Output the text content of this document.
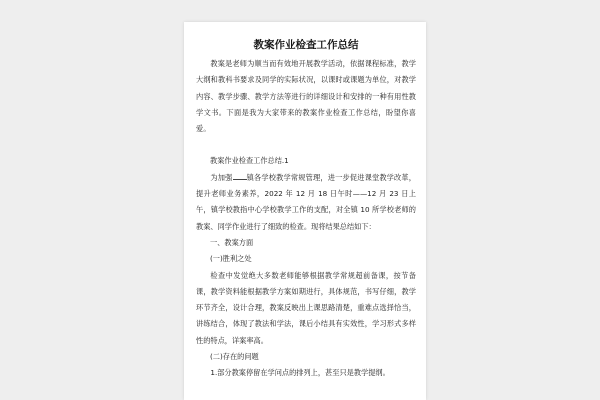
教案作业检查工作总结

教案是老师为顺当而有效地开展教学活动，依据课程标准，教学大纲和教科书要求及同学的实际状况，以课时或课题为单位，对教学内容、教学步骤、教学方法等进行的详细设计和安排的一种有用性教学文书。下面是我为大家带来的教案作业检查工作总结，盼望你喜爱。

教案作业检查工作总结.1

为加强 镇各学校教学常规管理，进一步促进课堂教学改革，提升老师业务素养，2022 年 12 月 18 日午时——12 月 23 日上午，镇学校教指中心学校教学工作的支配，对全镇 10 所学校老师的教案、同学作业进行了细致的检查。现将结果总结如下：

一、教案方面

(一)胜利之处

检查中发觉绝大多数老师能够根据教学常规超前备课，按节备课，教学资料能根据教学方案如期进行，具体规范，书写仔细，教学环节齐全，设计合理，教案反映出上课思路清楚，重难点选择恰当，讲练结合，体现了教法和学法，课后小结具有实效性，学习形式多样性的特点，详案率高。

(二)存在的问题

1.部分教案停留在学问点的排列上，甚至只是教学提纲。
